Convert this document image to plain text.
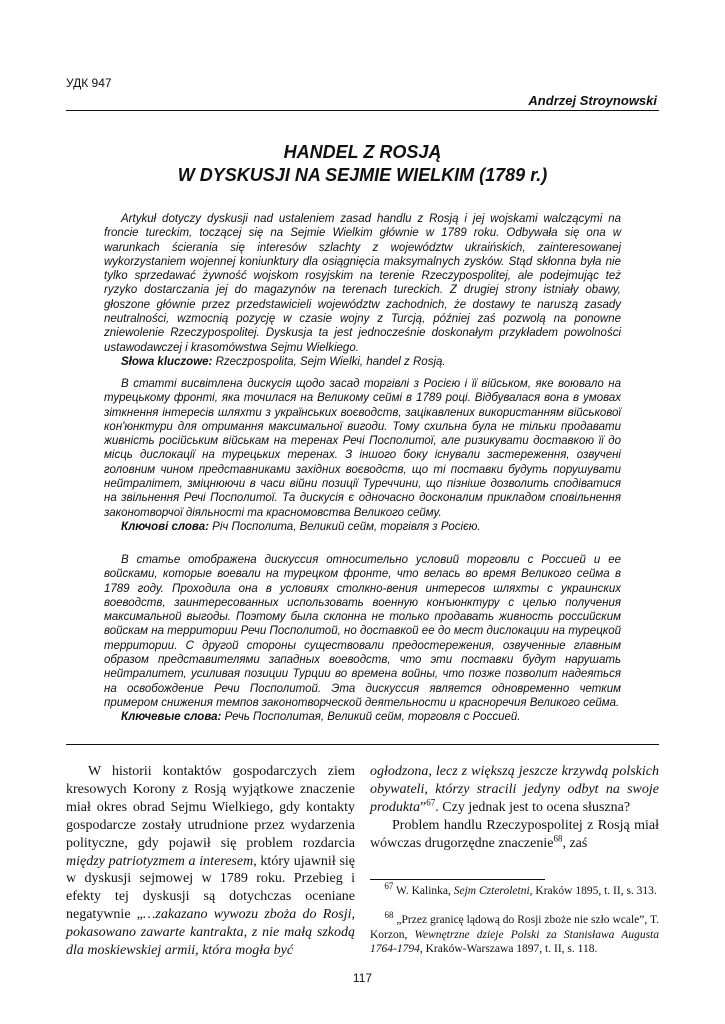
УДК 947
Andrzej Stroynowski
HANDEL Z ROSJĄ
W DYSKUSJI NA SEJMIE WIELKIM (1789 r.)

Artykuł dotyczy dyskusji nad ustaleniem zasad handlu z Rosją i jej wojskami walczącymi na froncie tureckim, toczącej się na Sejmie Wielkim głównie w 1789 roku. Odbywała się ona w warunkach ścierania się interesów szlachty z województw ukraińskich, zainteresowanej wykorzystaniem wojennej koniunktury dla osiągnięcia maksymalnych zysków. Stąd skłonna była nie tylko sprzedawać żywność wojskom rosyjskim na terenie Rzeczypospolitej, ale podejmując też ryzyko dostarczania jej do magazynów na terenach tureckich. Z drugiej strony istniały obawy, głoszone głównie przez przedstawicieli województw zachodnich, że dostawy te naruszą zasady neutralności, wzmocnią pozycję w czasie wojny z Turcją, później zaś pozwolą na ponowne zniewolenie Rzeczypospolitej. Dyskusja ta jest jednocześnie doskonałym przykładem powolności ustawodawczej i krasomówstwa Sejmu Wielkiego.

Słowa kluczowe: Rzeczpospolita, Sejm Wielki, handel z Rosją.

В статті висвітлена дискусія щодо засад торгівлі з Росією і її військом, яке воювало на турецькому фронті, яка точилася на Великому сеймі в 1789 році. Відбувалася вона в умовах зіткнення інтересів шляхти з українських воєводств, зацікавлених використанням військової кон'юнктури для отримання максимальної вигоди. Тому схильна була не тільки продавати живність російським військам на теренах Речі Посполитої, але ризикувати доставкою її до місць дислокації на турецьких теренах. З іншого боку існували застереження, озвучені головним чином представниками західних воєводств, що ті поставки будуть порушувати нейтралітет, зміцнюючи в часи війни позиції Туреччини, що пізніше дозволить сподіватися на звільнення Речі Посполитої. Та дискусія є одночасно досконалим прикладом сповільнення законотворчої діяльності та красномовства Великого сейму.

Ключові слова: Річ Посполита, Великий сейм, торгівля з Росією.

В статье отображена дискуссия относительно условий торговли с Россией и ее войсками, которые воевали на турецком фронте, что велась во время Великого сейма в 1789 году. Проходила она в условиях столкно-вения интересов шляхты с украинских воеводств, заинтересованных использовать военную конъюнктуру с целью получения максимальной выгоды. Поэтому была склонна не только продавать живность российским войскам на территории Речи Посполитой, но доставкой ее до мест дислокации на турецкой территории. С другой стороны существовали предостережения, озвученные главным образом представителями западных воеводств, что эти поставки будут нарушать нейтралитет, усиливая позиции Турции во времена войны, что позже позволит надеяться на освобождение Речи Посполитой. Эта дискуссия является одновременно четким примером снижения темпов законотворческой деятельности и красноречия Великого сейма.

Ключевые слова: Речь Посполитая, Великий сейм, торговля с Россией.

W historii kontaktów gospodarczych ziem kresowych Korony z Rosją wyjątkowe znaczenie miał okres obrad Sejmu Wielkiego, gdy kontakty gospodarcze zostały utrudnione przez wydarzenia polityczne, gdy pojawił się problem rozdarcia między patriotyzmem a interesem, który ujawnił się w dyskusji sejmowej w 1789 roku. Przebieg i efekty tej dyskusji są dotychczas oceniane negatywnie „…zakazano wywozu zboża do Rosji, pokasowano zawarte kantrakta, z nie małą szkodą dla moskiewskiej armii, która mogła być

ogłodzona, lecz z większą jeszcze krzywdą polskich obywateli, którzy stracili jedyny odbyt na swoje produkta”$^{67}$. Czy jednak jest to ocena słuszna?

Problem handlu Rzeczypospolitej z Rosją miał wówczas drugorzędne znaczenie$^{68}$, zaś

$^{67}$ W. Kalinka, Sejm Czteroletni, Kraków 1895, t. II, s. 313.
$^{68}$ „Przez granicę lądową do Rosji zboże nie szło wcale”, T. Korzon, Wewnętrzne dzieje Polski za Stanisława Augusta 1764-1794, Kraków-Warszawa 1897, t. II, s. 118.
117
